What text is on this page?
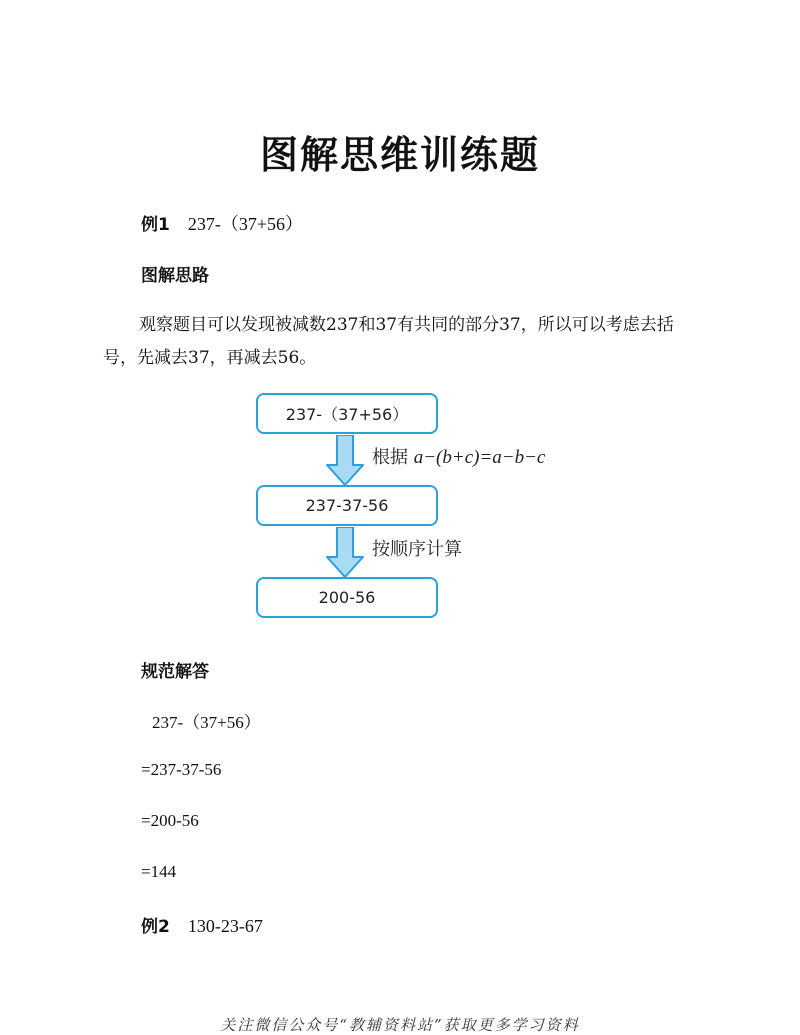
图解思维训练题
例1 237-（37+56）
图解思路
观察题目可以发现被减数237和37有共同的部分37，所以可以考虑去括号，先减去37，再减去56。
237-（37+56）
根据 a−(b+c)=a−b−c
237-37-56
按顺序计算
200-56
规范解答
237-（37+56）
=237-37-56
=200-56
=144
例2 130-23-67
关注微信公众号“教辅资料站”获取更多学习资料
